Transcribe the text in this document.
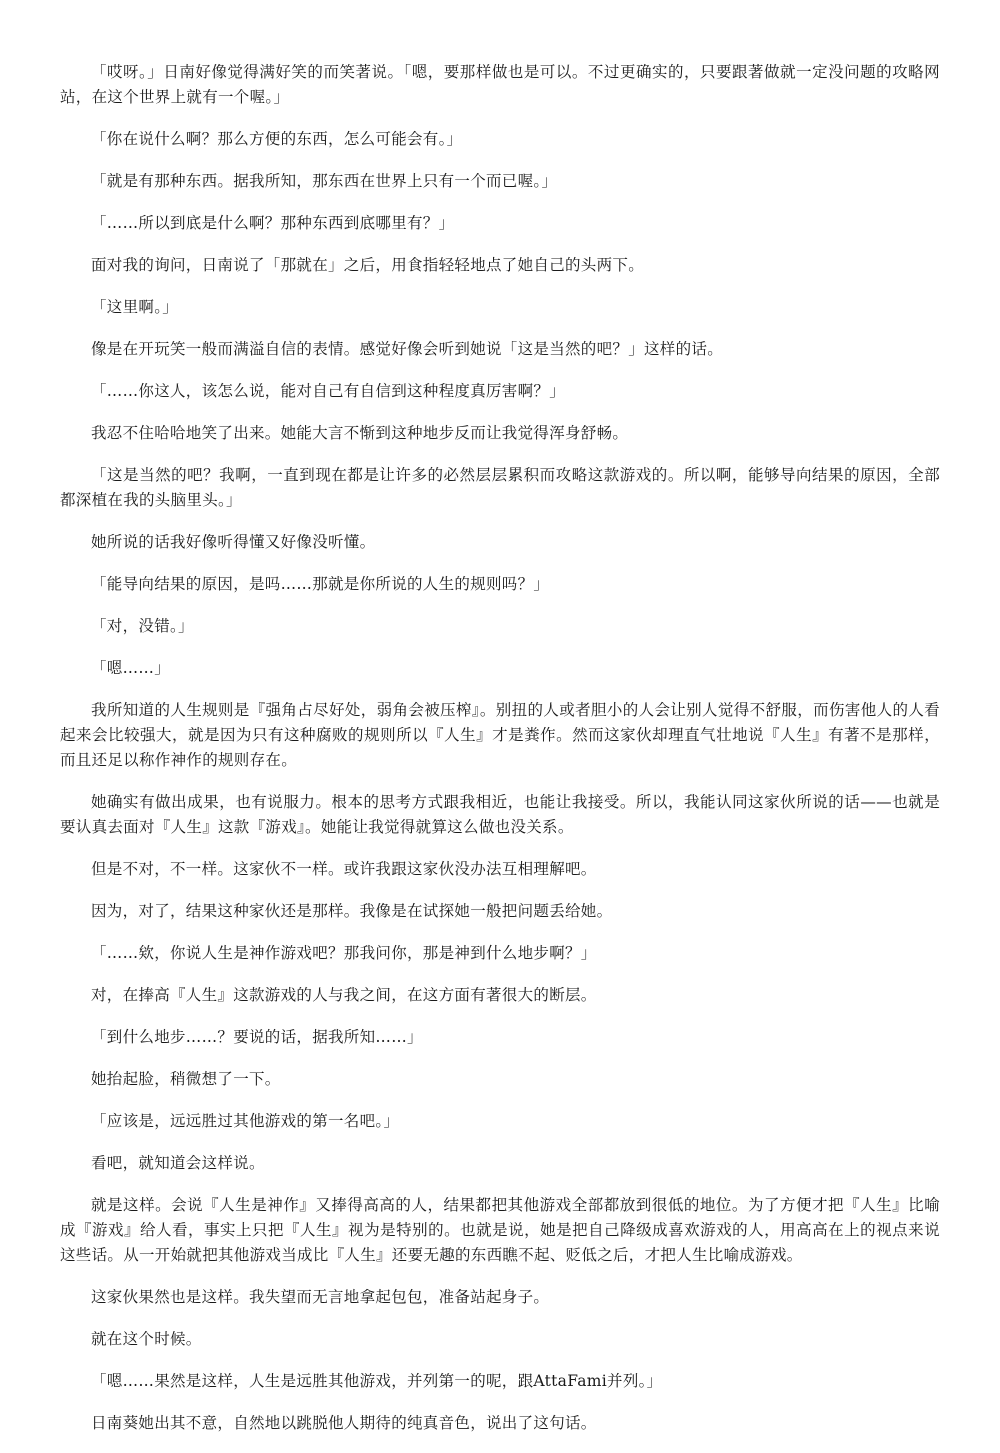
「哎呀。」日南好像觉得满好笑的而笑著说。「嗯，要那样做也是可以。不过更确实的，只要跟著做就一定没问题的攻略网站，在这个世界上就有一个喔。」

「你在说什么啊？那么方便的东西，怎么可能会有。」

「就是有那种东西。据我所知，那东西在世界上只有一个而已喔。」

「……所以到底是什么啊？那种东西到底哪里有？」

面对我的询问，日南说了「那就在」之后，用食指轻轻地点了她自己的头两下。

「这里啊。」

像是在开玩笑一般而满溢自信的表情。感觉好像会听到她说「这是当然的吧？」这样的话。

「……你这人，该怎么说，能对自己有自信到这种程度真厉害啊？」

我忍不住哈哈地笑了出来。她能大言不惭到这种地步反而让我觉得浑身舒畅。

「这是当然的吧？我啊，一直到现在都是让许多的必然层层累积而攻略这款游戏的。所以啊，能够导向结果的原因，全部都深植在我的头脑里头。」

她所说的话我好像听得懂又好像没听懂。

「能导向结果的原因，是吗……那就是你所说的人生的规则吗？」

「对，没错。」

「嗯……」

我所知道的人生规则是『强角占尽好处，弱角会被压榨』。别扭的人或者胆小的人会让别人觉得不舒服，而伤害他人的人看起来会比较强大，就是因为只有这种腐败的规则所以『人生』才是粪作。然而这家伙却理直气壮地说『人生』有著不是那样，而且还足以称作神作的规则存在。

她确实有做出成果，也有说服力。根本的思考方式跟我相近，也能让我接受。所以，我能认同这家伙所说的话——也就是要认真去面对『人生』这款『游戏』。她能让我觉得就算这么做也没关系。

但是不对，不一样。这家伙不一样。或许我跟这家伙没办法互相理解吧。

因为，对了，结果这种家伙还是那样。我像是在试探她一般把问题丢给她。

「……欸，你说人生是神作游戏吧？那我问你，那是神到什么地步啊？」

对，在捧高『人生』这款游戏的人与我之间，在这方面有著很大的断层。

「到什么地步……？要说的话，据我所知……」

她抬起脸，稍微想了一下。

「应该是，远远胜过其他游戏的第一名吧。」

看吧，就知道会这样说。

就是这样。会说『人生是神作』又捧得高高的人，结果都把其他游戏全部都放到很低的地位。为了方便才把『人生』比喻成『游戏』给人看，事实上只把『人生』视为是特别的。也就是说，她是把自己降级成喜欢游戏的人，用高高在上的视点来说这些话。从一开始就把其他游戏当成比『人生』还要无趣的东西瞧不起、贬低之后，才把人生比喻成游戏。

这家伙果然也是这样。我失望而无言地拿起包包，准备站起身子。

就在这个时候。

「嗯……果然是这样，人生是远胜其他游戏，并列第一的呢，跟AttaFami并列。」

日南葵她出其不意，自然地以跳脱他人期待的纯真音色，说出了这句话。
